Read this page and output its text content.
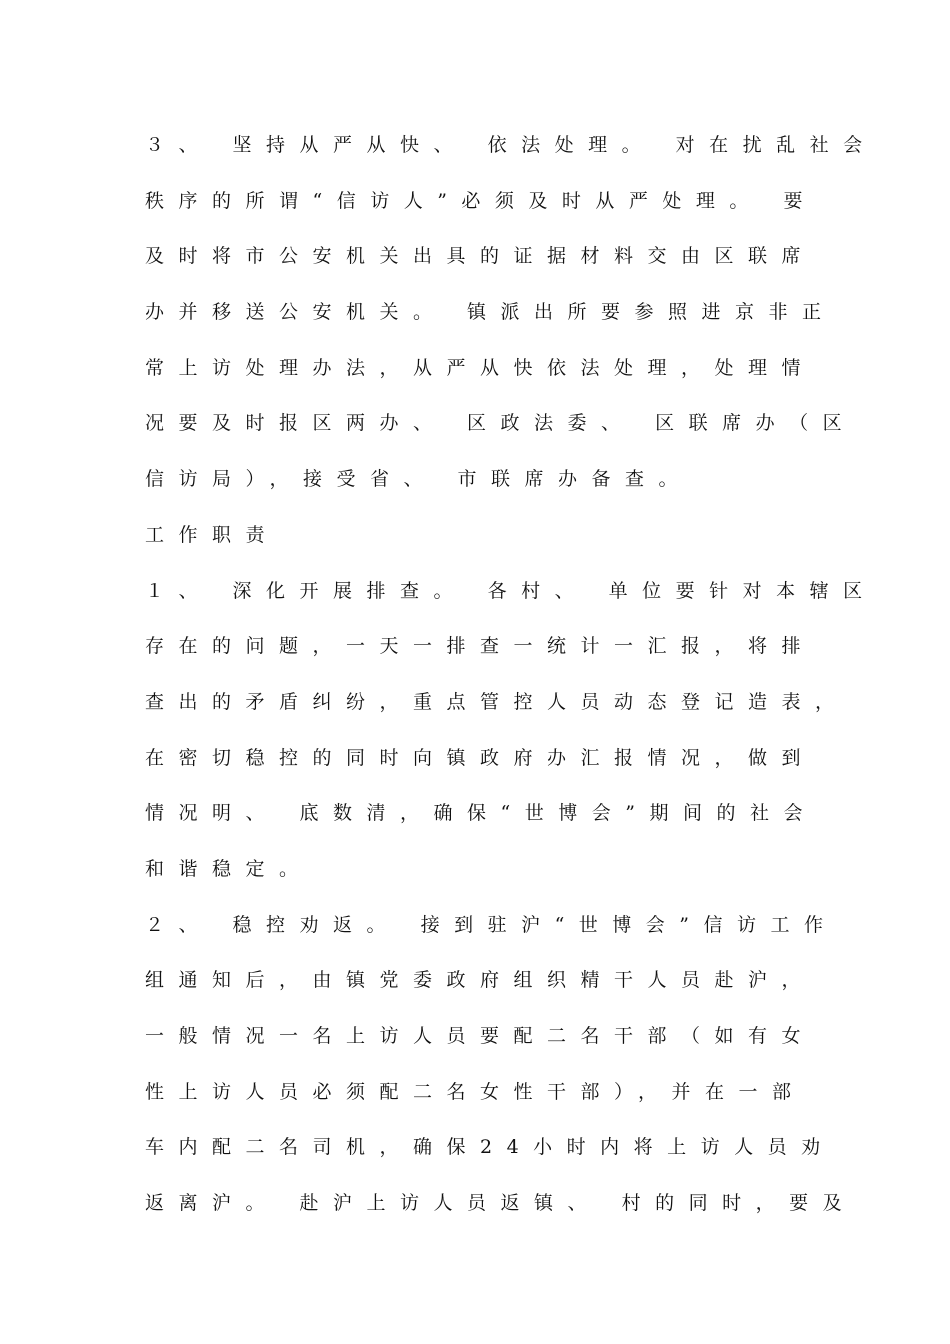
３、 坚持从严从快、 依法处理。 对在扰乱社会

秩序的所谓“信访人”必须及时从严处理。 要

及时将市公安机关出具的证据材料交由区联席

办并移送公安机关。 镇派出所要参照进京非正

常上访处理办法，从严从快依法处理，处理情

况要及时报区两办、 区政法委、 区联席办（区

信访局），接受省、 市联席办备查。

工作职责

１、 深化开展排查。 各村、 单位要针对本辖区

存在的问题，一天一排查一统计一汇报，将排

查出的矛盾纠纷，重点管控人员动态登记造表，

在密切稳控的同时向镇政府办汇报情况，做到

情况明、 底数清，确保“世博会”期间的社会

和谐稳定。

２、 稳控劝返。 接到驻沪“世博会”信访工作

组通知后，由镇党委政府组织精干人员赴沪，

一般情况一名上访人员要配二名干部（如有女

性上访人员必须配二名女性干部），并在一部

车内配二名司机，确保24小时内将上访人员劝

返离沪。 赴沪上访人员返镇、 村的同时，要及
